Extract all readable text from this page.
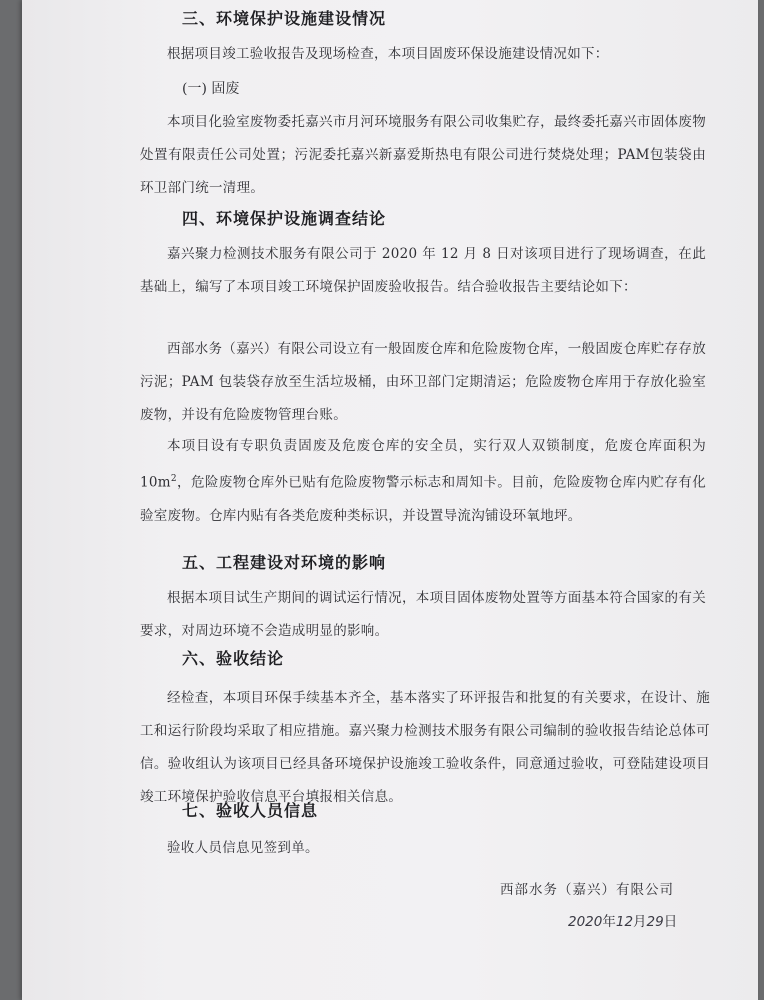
三、环境保护设施建设情况
根据项目竣工验收报告及现场检查，本项目固废环保设施建设情况如下：
(一) 固废
本项目化验室废物委托嘉兴市月河环境服务有限公司收集贮存，最终委托嘉兴市固体废物处置有限责任公司处置；污泥委托嘉兴新嘉爱斯热电有限公司进行焚烧处理；PAM包装袋由环卫部门统一清理。
四、环境保护设施调查结论
嘉兴聚力检测技术服务有限公司于 2020 年 12 月 8 日对该项目进行了现场调查，在此基础上，编写了本项目竣工环境保护固废验收报告。结合验收报告主要结论如下：
西部水务（嘉兴）有限公司设立有一般固废仓库和危险废物仓库，一般固废仓库贮存存放污泥；PAM 包装袋存放至生活垃圾桶，由环卫部门定期清运；危险废物仓库用于存放化验室废物，并设有危险废物管理台账。
本项目设有专职负责固废及危废仓库的安全员，实行双人双锁制度，危废仓库面积为 $10m^2$，危险废物仓库外已贴有危险废物警示标志和周知卡。目前，危险废物仓库内贮存有化验室废物。仓库内贴有各类危废种类标识，并设置导流沟铺设环氧地坪。
五、工程建设对环境的影响
根据本项目试生产期间的调试运行情况，本项目固体废物处置等方面基本符合国家的有关要求，对周边环境不会造成明显的影响。
六、验收结论
经检查，本项目环保手续基本齐全，基本落实了环评报告和批复的有关要求，在设计、施工和运行阶段均采取了相应措施。嘉兴聚力检测技术服务有限公司编制的验收报告结论总体可信。验收组认为该项目已经具备环境保护设施竣工验收条件，同意通过验收，可登陆建设项目竣工环境保护验收信息平台填报相关信息。
七、验收人员信息
验收人员信息见签到单。
西部水务（嘉兴）有限公司
2020年12月29日
